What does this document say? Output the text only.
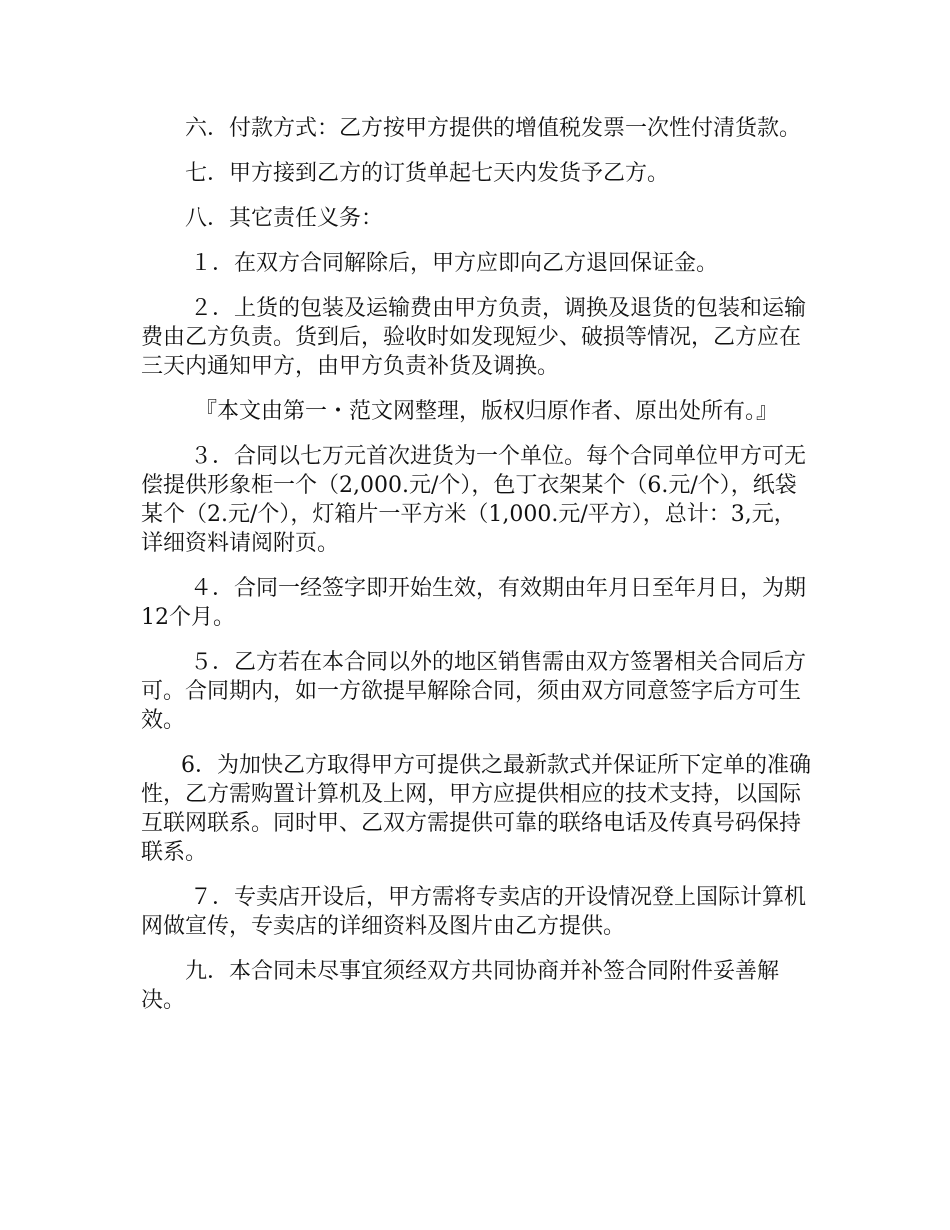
六．付款方式：乙方按甲方提供的增值税发票一次性付清货款。

七．甲方接到乙方的订货单起七天内发货予乙方。

八．其它责任义务：

１．在双方合同解除后，甲方应即向乙方退回保证金。

２．上货的包装及运输费由甲方负责，调换及退货的包装和运输费由乙方负责。货到后，验收时如发现短少、破损等情况，乙方应在三天内通知甲方，由甲方负责补货及调换。

『本文由第一・范文网整理，版权归原作者、原出处所有。』

３．合同以七万元首次进货为一个单位。每个合同单位甲方可无偿提供形象柜一个（2,000.元/个），色丁衣架某个（6.元/个），纸袋某个（2.元/个），灯箱片一平方米（1,000.元/平方），总计：3,元，详细资料请阅附页。

４．合同一经签字即开始生效，有效期由年月日至年月日，为期12个月。

５．乙方若在本合同以外的地区销售需由双方签署相关合同后方可。合同期内，如一方欲提早解除合同，须由双方同意签字后方可生效。

6．为加快乙方取得甲方可提供之最新款式并保证所下定单的准确性，乙方需购置计算机及上网，甲方应提供相应的技术支持，以国际互联网联系。同时甲、乙双方需提供可靠的联络电话及传真号码保持联系。

７．专卖店开设后，甲方需将专卖店的开设情况登上国际计算机网做宣传，专卖店的详细资料及图片由乙方提供。

九．本合同未尽事宜须经双方共同协商并补签合同附件妥善解决。
